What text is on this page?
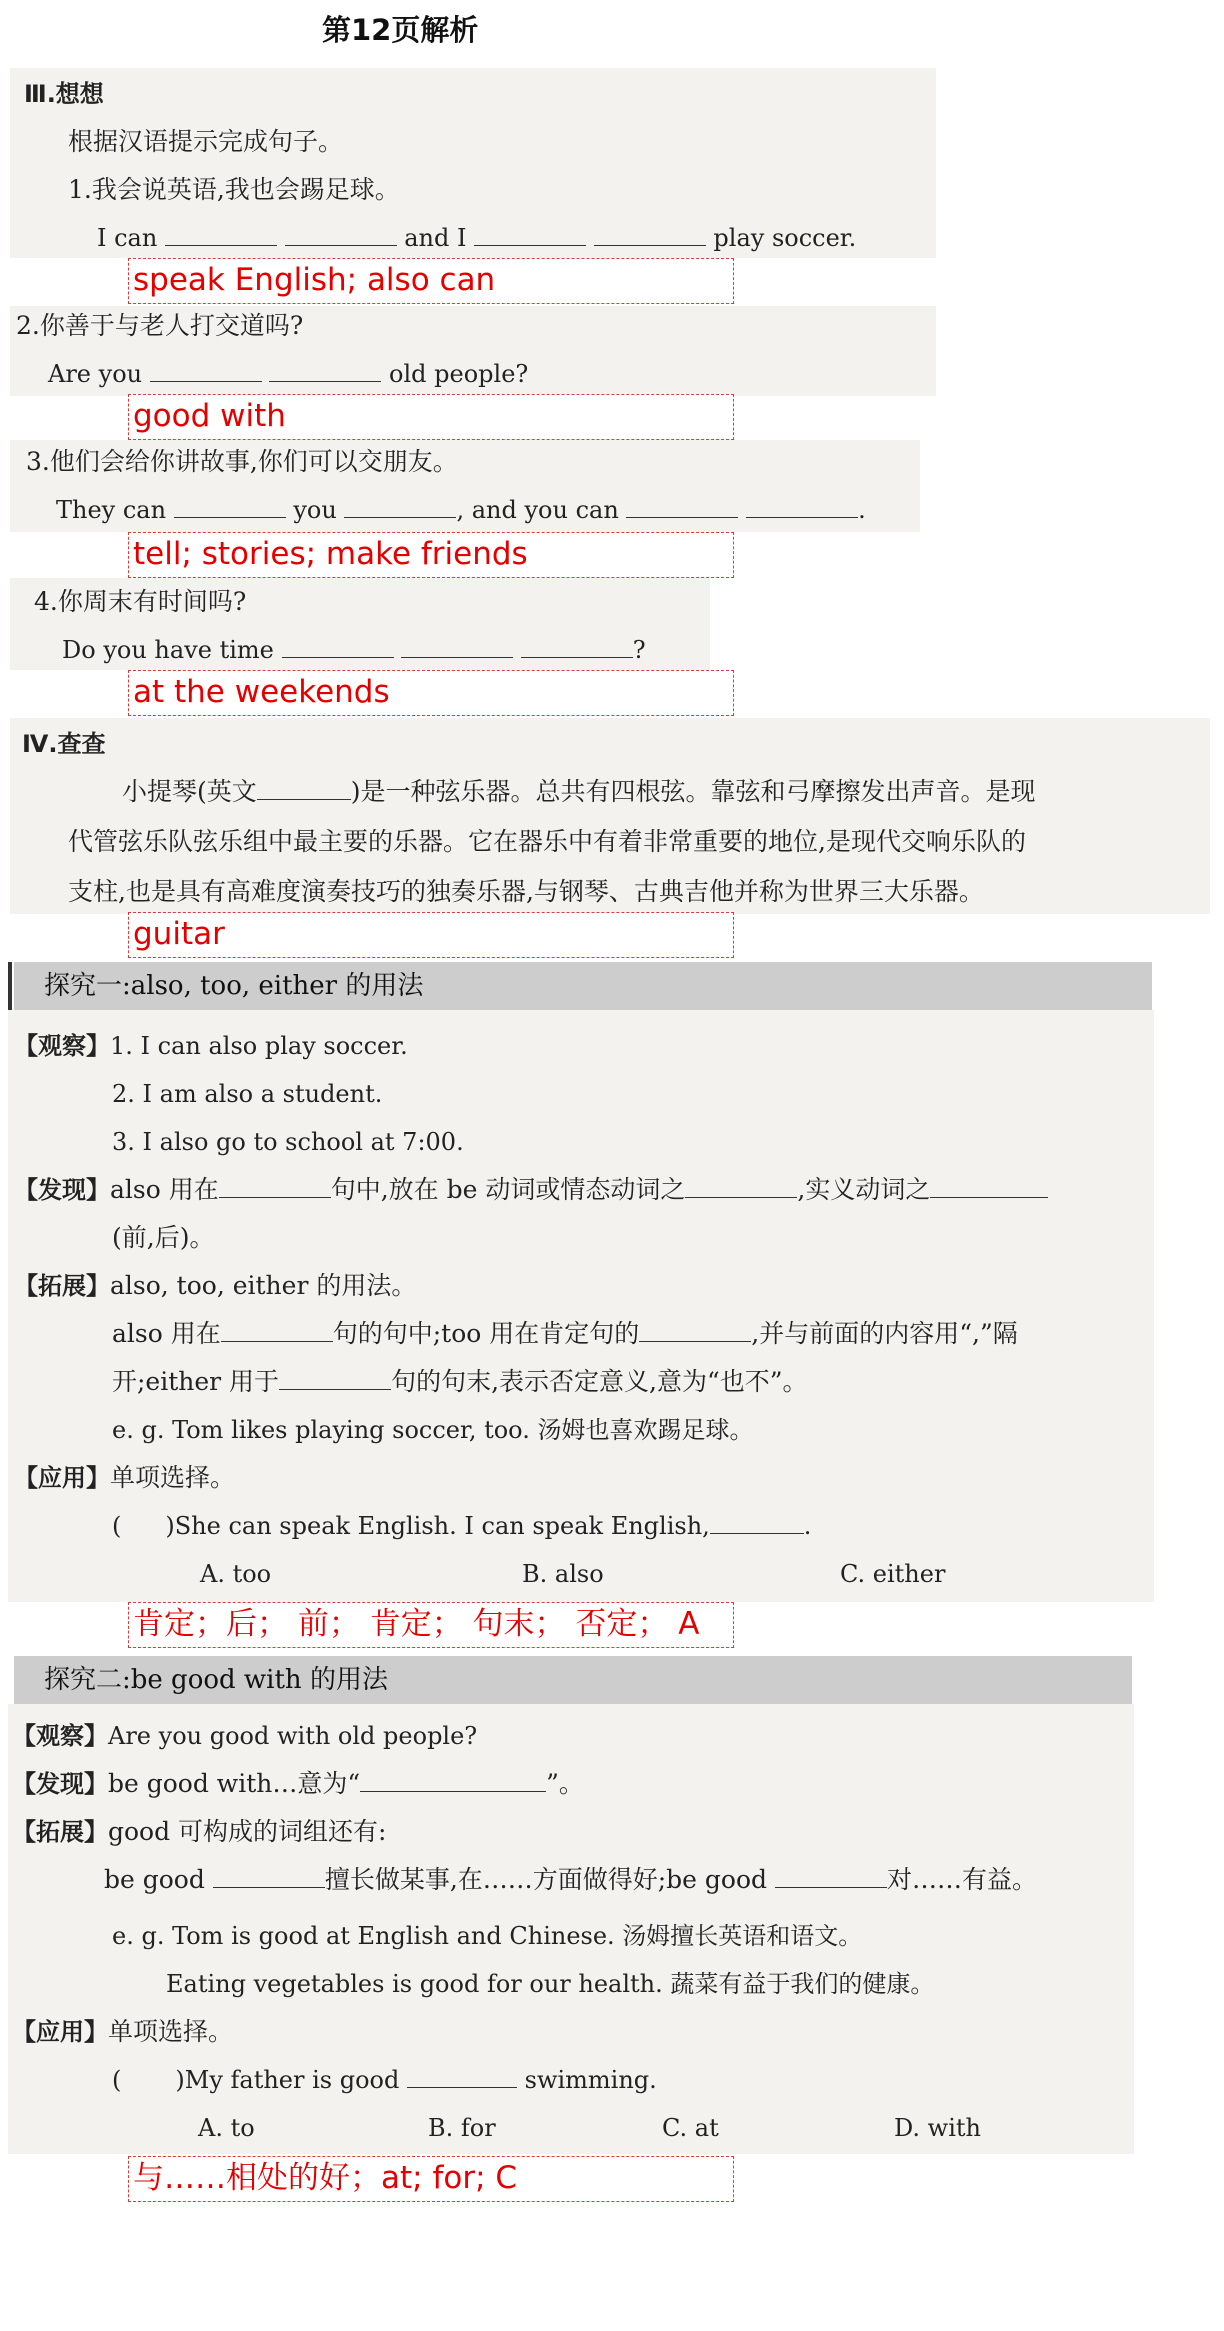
第12页解析
Ⅲ.想想
根据汉语提示完成句子。
1.我会说英语,我也会踢足球。
I can	and I	play soccer.
speak English; also can
2.你善于与老人打交道吗?
Are you	old people?
good with
3.他们会给你讲故事,你们可以交朋友。
They can	you	, and you can	.
tell; stories; make friends
4.你周末有时间吗?
Do you have time	?
at the weekends
Ⅳ.查查
小提琴(英文	)是一种弦乐器。总共有四根弦。靠弦和弓摩擦发出声音。是现
代管弦乐队弦乐组中最主要的乐器。它在器乐中有着非常重要的地位,是现代交响乐队的
支柱,也是具有高难度演奏技巧的独奏乐器,与钢琴、古典吉他并称为世界三大乐器。
guitar
探究一:also, too, either 的用法
【观察】1. I can also play soccer.
2. I am also a student.
3. I also go to school at 7:00.
【发现】also 用在	句中,放在 be 动词或情态动词之	,实义动词之
(前,后)。
【拓展】also, too, either 的用法。
also 用在	句的句中;too 用在肯定句的	,并与前面的内容用“,”隔
开;either 用于	句的句末,表示否定意义,意为“也不”。
e. g. Tom likes playing soccer, too. 汤姆也喜欢踢足球。
【应用】单项选择。
( )She can speak English. I can speak English,	.
A. too	B. also	C. either
肯定；后； 前； 肯定； 句末； 否定； A
探究二:be good with 的用法
【观察】Are you good with old people?
【发现】be good with…意为“	”。
【拓展】good 可构成的词组还有:
be good	擅长做某事,在……方面做得好;be good	对……有益。
e. g. Tom is good at English and Chinese. 汤姆擅长英语和语文。
Eating vegetables is good for our health. 蔬菜有益于我们的健康。
【应用】单项选择。
( )My father is good	swimming.
A. to	B. for	C. at	D. with
与……相处的好；at; for; C
